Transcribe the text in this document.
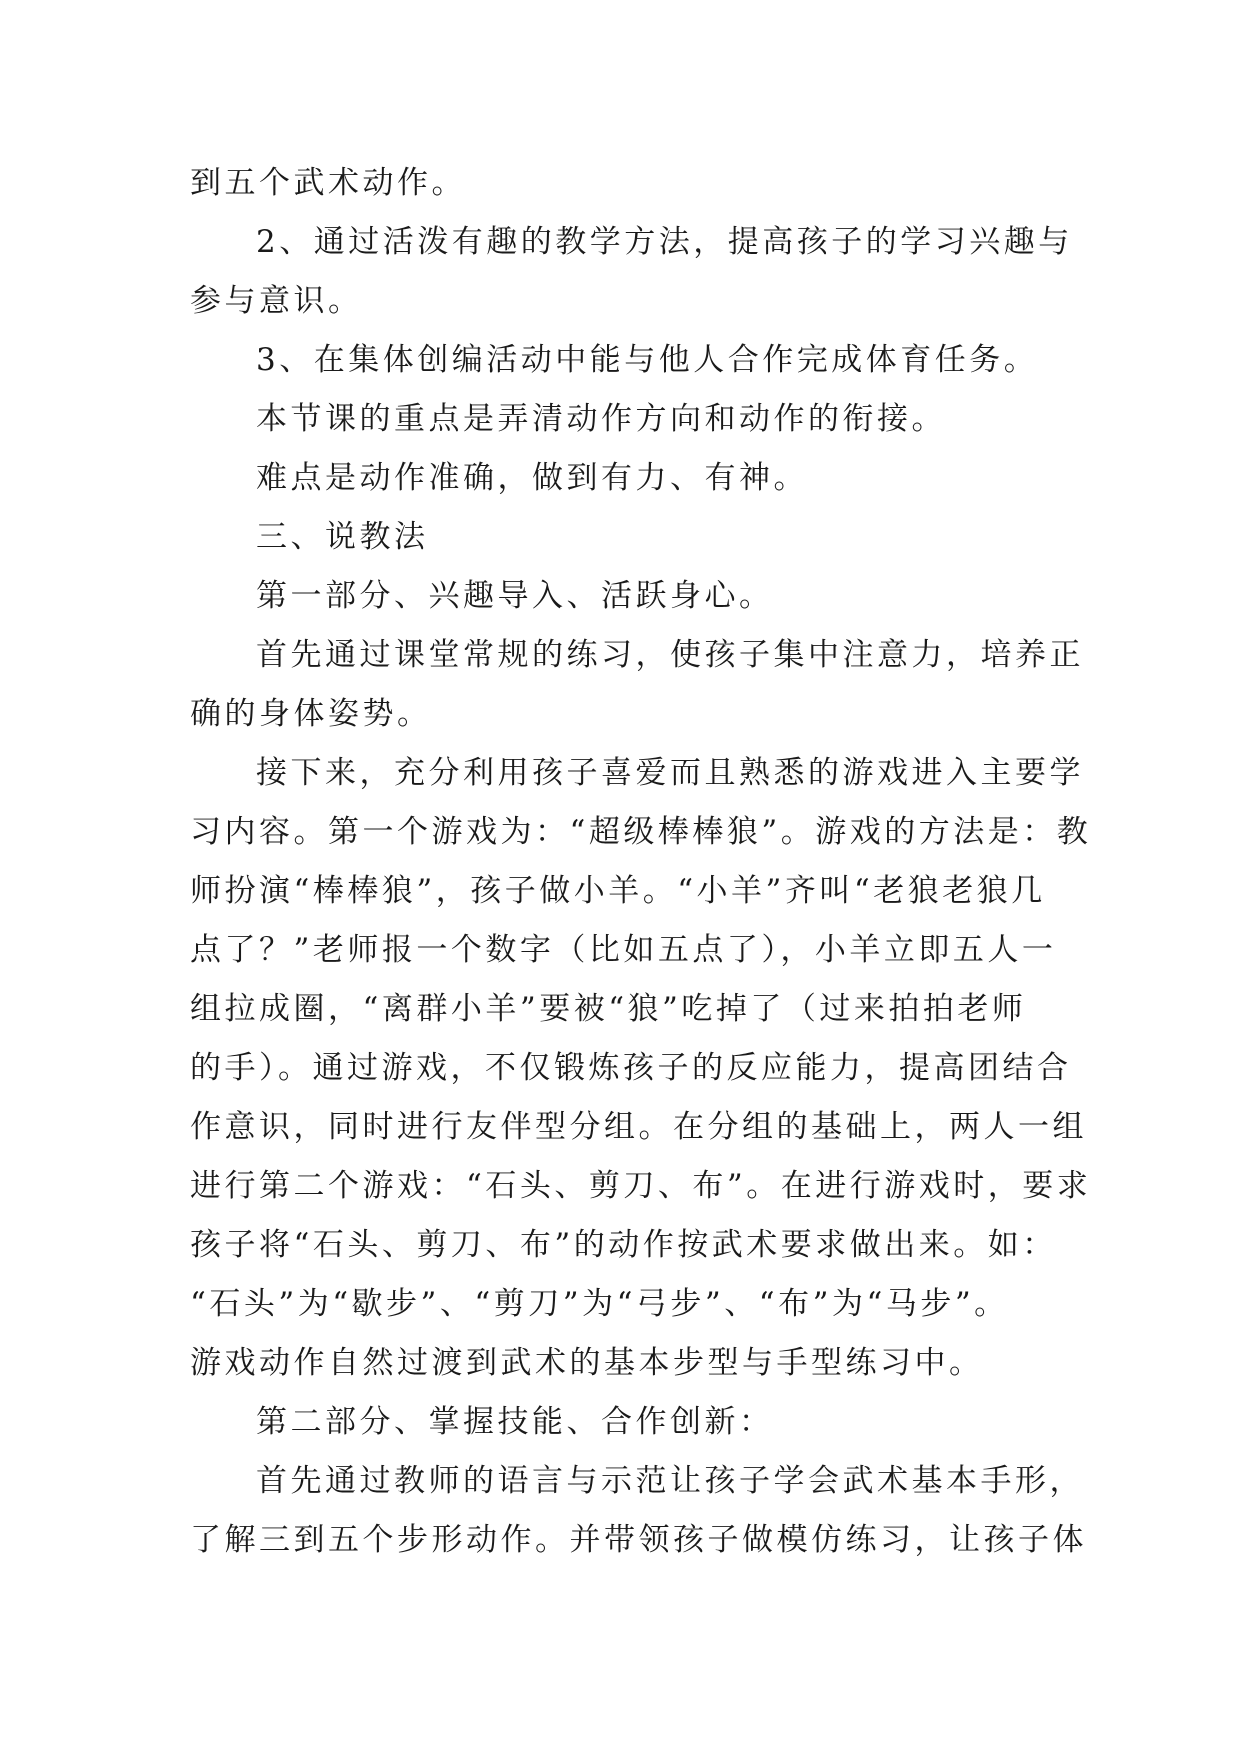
到五个武术动作。
2、通过活泼有趣的教学方法，提高孩子的学习兴趣与
参与意识。
3、在集体创编活动中能与他人合作完成体育任务。
本节课的重点是弄清动作方向和动作的衔接。
难点是动作准确，做到有力、有神。
三、说教法
第一部分、兴趣导入、活跃身心。
首先通过课堂常规的练习，使孩子集中注意力，培养正
确的身体姿势。
接下来，充分利用孩子喜爱而且熟悉的游戏进入主要学
习内容。第一个游戏为：“超级棒棒狼”。游戏的方法是：教
师扮演“棒棒狼”，孩子做小羊。“小羊”齐叫“老狼老狼几
点了？”老师报一个数字（比如五点了），小羊立即五人一
组拉成圈，“离群小羊”要被“狼”吃掉了（过来拍拍老师
的手）。通过游戏，不仅锻炼孩子的反应能力，提高团结合
作意识，同时进行友伴型分组。在分组的基础上，两人一组
进行第二个游戏：“石头、剪刀、布”。在进行游戏时，要求
孩子将“石头、剪刀、布”的动作按武术要求做出来。如：
“石头”为“歇步”、“剪刀”为“弓步”、“布”为“马步”。
游戏动作自然过渡到武术的基本步型与手型练习中。
第二部分、掌握技能、合作创新：
首先通过教师的语言与示范让孩子学会武术基本手形，
了解三到五个步形动作。并带领孩子做模仿练习，让孩子体
